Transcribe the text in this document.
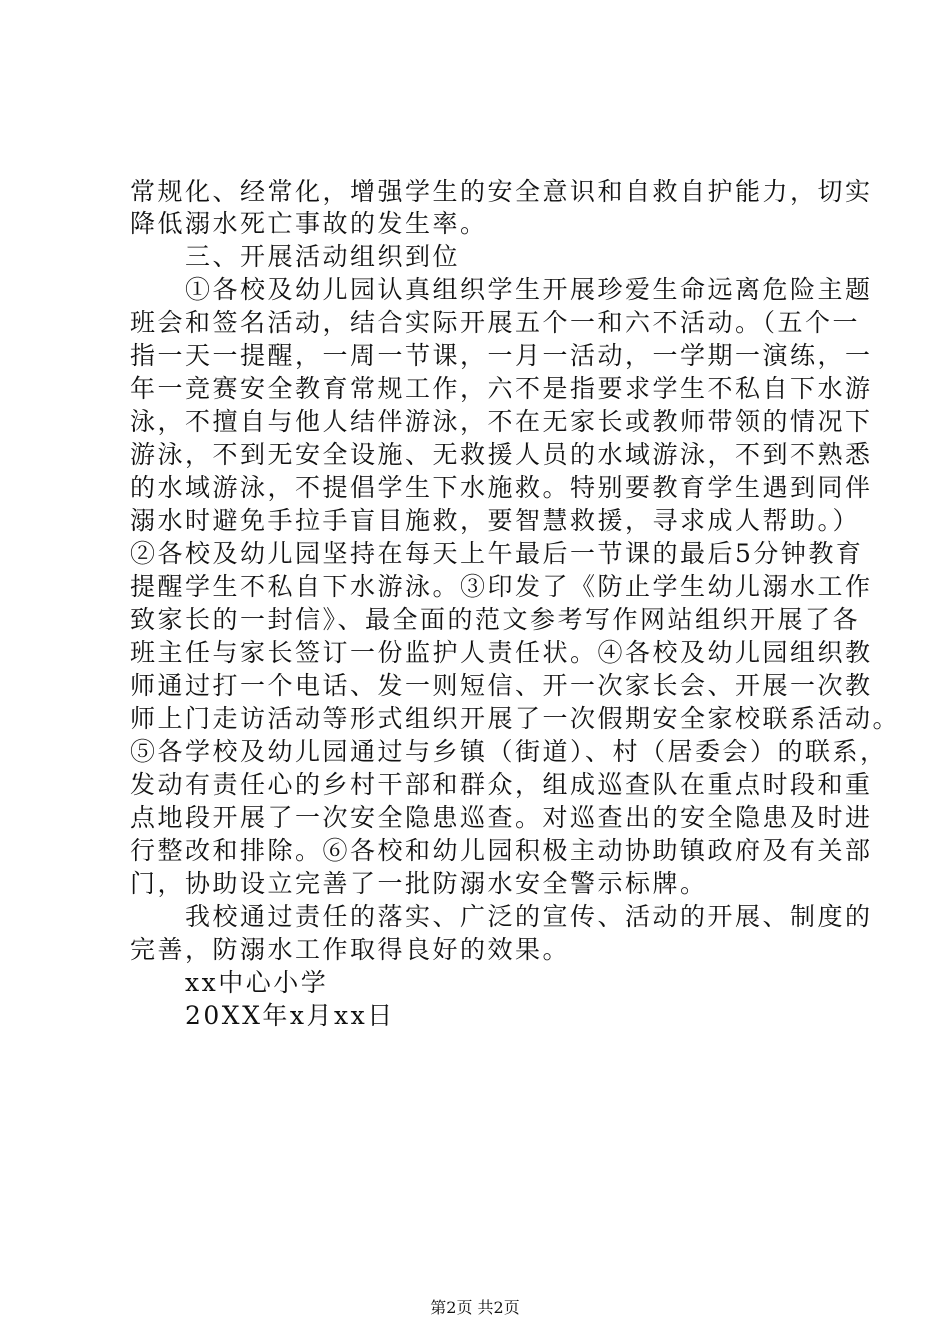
常规化、经常化，增强学生的安全意识和自救自护能力，切实
降低溺水死亡事故的发生率。
　　三、开展活动组织到位
　　①各校及幼儿园认真组织学生开展珍爱生命远离危险主题
班会和签名活动，结合实际开展五个一和六不活动。（五个一
指一天一提醒，一周一节课，一月一活动，一学期一演练，一
年一竞赛安全教育常规工作，六不是指要求学生不私自下水游
泳，不擅自与他人结伴游泳，不在无家长或教师带领的情况下
游泳，不到无安全设施、无救援人员的水域游泳，不到不熟悉
的水域游泳，不提倡学生下水施救。特别要教育学生遇到同伴
溺水时避免手拉手盲目施救，要智慧救援，寻求成人帮助。）
②各校及幼儿园坚持在每天上午最后一节课的最后5分钟教育
提醒学生不私自下水游泳。③印发了《防止学生幼儿溺水工作
致家长的一封信》、最全面的范文参考写作网站组织开展了各
班主任与家长签订一份监护人责任状。④各校及幼儿园组织教
师通过打一个电话、发一则短信、开一次家长会、开展一次教
师上门走访活动等形式组织开展了一次假期安全家校联系活动。
⑤各学校及幼儿园通过与乡镇（街道）、村（居委会）的联系，
发动有责任心的乡村干部和群众，组成巡查队在重点时段和重
点地段开展了一次安全隐患巡查。对巡查出的安全隐患及时进
行整改和排除。⑥各校和幼儿园积极主动协助镇政府及有关部
门，协助设立完善了一批防溺水安全警示标牌。
　　我校通过责任的落实、广泛的宣传、活动的开展、制度的
完善，防溺水工作取得良好的效果。
　　xx中心小学
　　20XX年x月xx日
第2页 共2页
